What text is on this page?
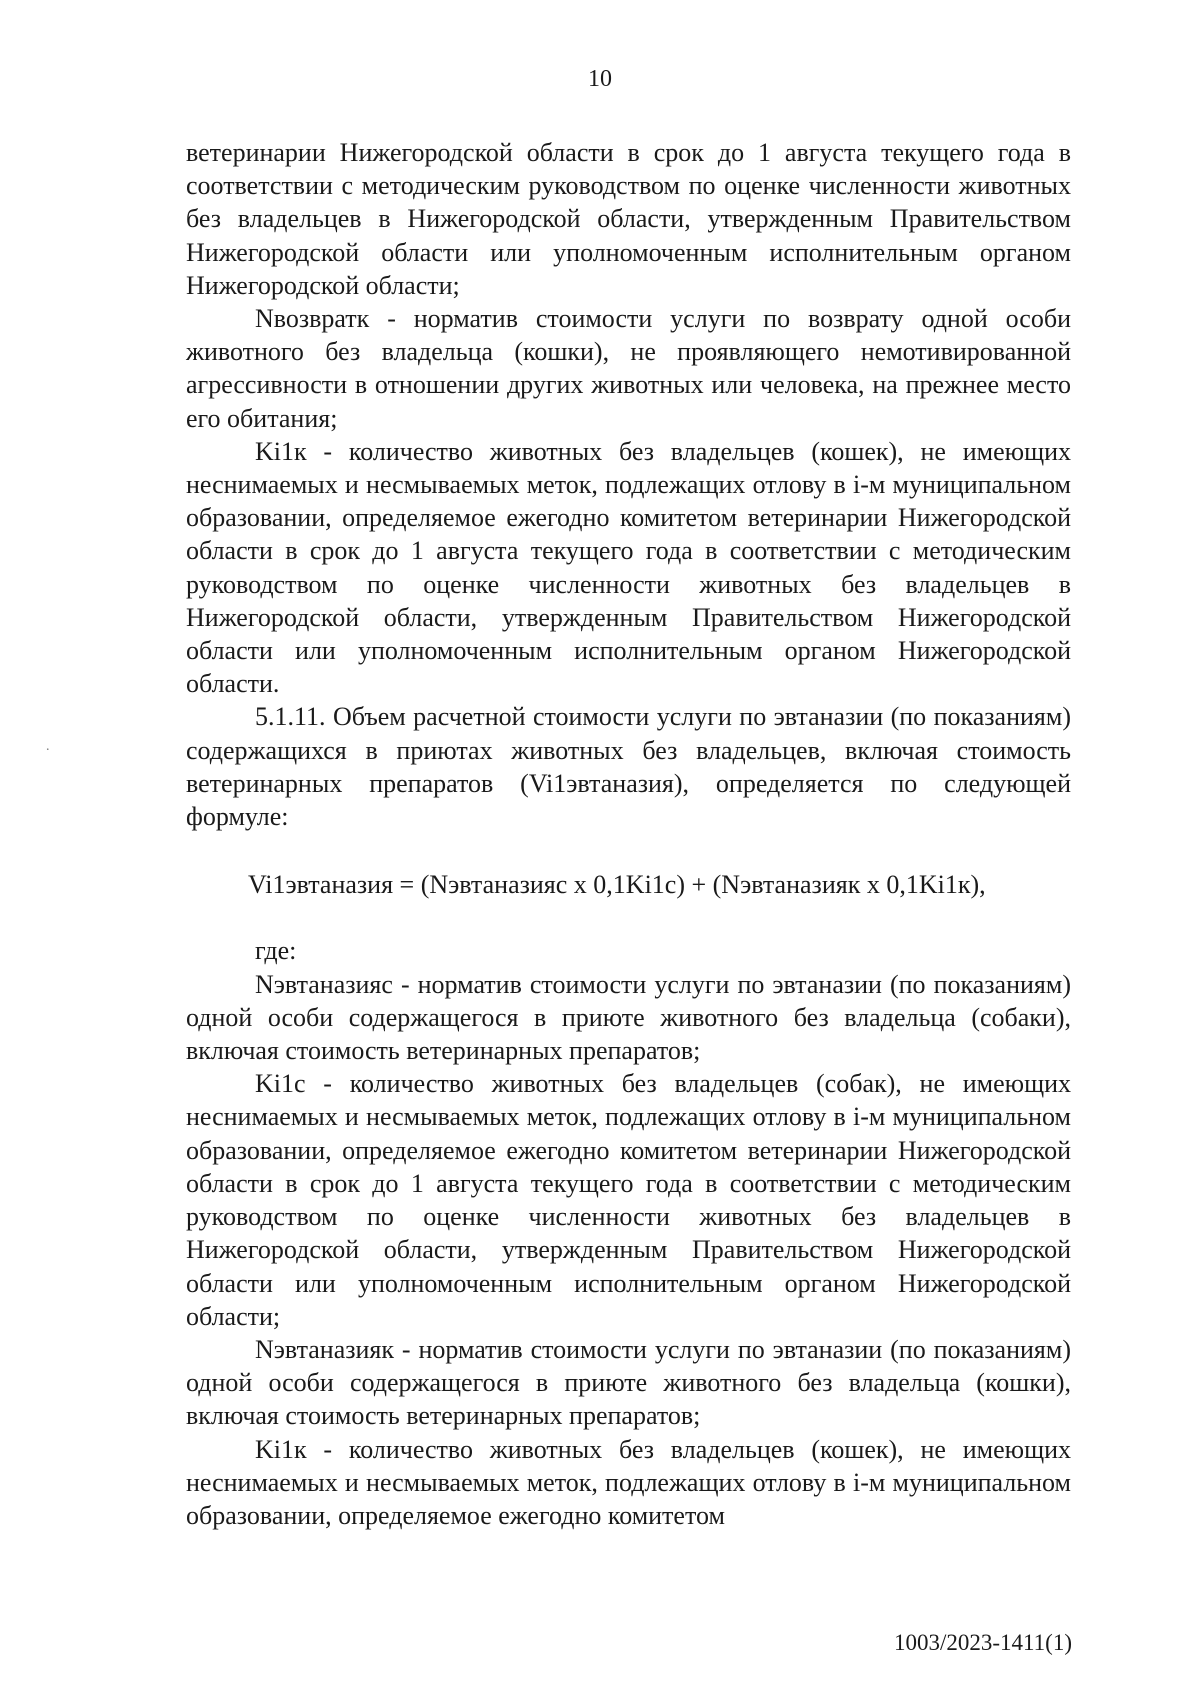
10
.

ветеринарии Нижегородской области в срок до 1 августа текущего года в соответствии с методическим руководством по оценке численности животных без владельцев в Нижегородской области, утвержденным Правительством Нижегородской области или уполномоченным исполнительным органом Нижегородской области;

Nвозвратк - норматив стоимости услуги по возврату одной особи животного без владельца (кошки), не проявляющего немотивированной агрессивности в отношении других животных или человека, на прежнее место его обитания;

Ki1к - количество животных без владельцев (кошек), не имеющих неснимаемых и несмываемых меток, подлежащих отлову в i-м муниципальном образовании, определяемое ежегодно комитетом ветеринарии Нижегородской области в срок до 1 августа текущего года в соответствии с методическим руководством по оценке численности животных без владельцев в Нижегородской области, утвержденным Правительством Нижегородской области или уполномоченным исполнительным органом Нижегородской области.

5.1.11. Объем расчетной стоимости услуги по эвтаназии (по показаниям) содержащихся в приютах животных без владельцев, включая стоимость ветеринарных препаратов (Vi1эвтаназия), определяется по следующей формуле:

Vi1эвтаназия = (Nэвтаназияс x 0,1Ki1с) + (Nэвтаназияк x 0,1Ki1к),

где:

Nэвтаназияс - норматив стоимости услуги по эвтаназии (по показаниям) одной особи содержащегося в приюте животного без владельца (собаки), включая стоимость ветеринарных препаратов;

Ki1с - количество животных без владельцев (собак), не имеющих неснимаемых и несмываемых меток, подлежащих отлову в i-м муниципальном образовании, определяемое ежегодно комитетом ветеринарии Нижегородской области в срок до 1 августа текущего года в соответствии с методическим руководством по оценке численности животных без владельцев в Нижегородской области, утвержденным Правительством Нижегородской области или уполномоченным исполнительным органом Нижегородской области;

Nэвтаназияк - норматив стоимости услуги по эвтаназии (по показаниям) одной особи содержащегося в приюте животного без владельца (кошки), включая стоимость ветеринарных препаратов;

Ki1к - количество животных без владельцев (кошек), не имеющих неснимаемых и несмываемых меток, подлежащих отлову в i-м муниципальном образовании, определяемое ежегодно комитетом

1003/2023-1411(1)
